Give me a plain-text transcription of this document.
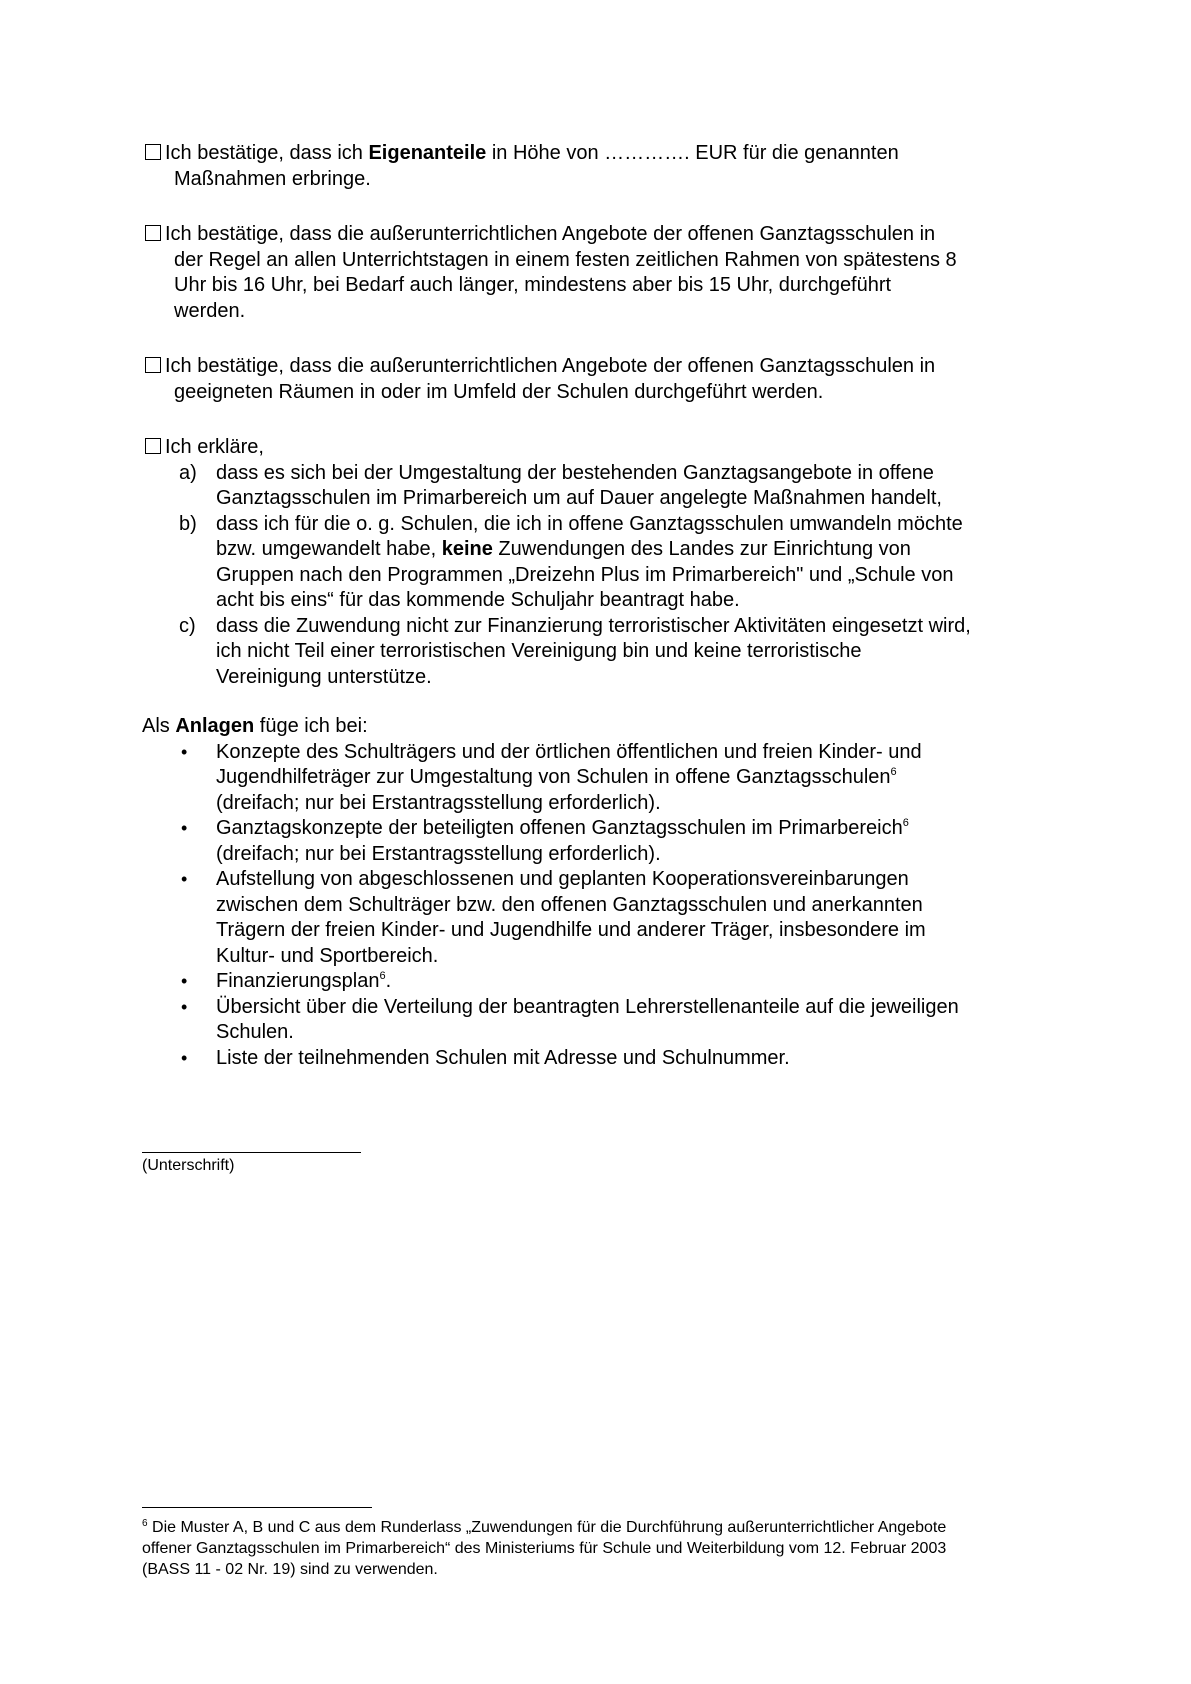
Ich bestätige, dass ich Eigenanteile in Höhe von …………. EUR für die genannten
Maßnahmen erbringe.
Ich bestätige, dass die außerunterrichtlichen Angebote der offenen Ganztagsschulen in
der Regel an allen Unterrichtstagen in einem festen zeitlichen Rahmen von spätestens 8
Uhr bis 16 Uhr, bei Bedarf auch länger, mindestens aber bis 15 Uhr, durchgeführt
werden.
Ich bestätige, dass die außerunterrichtlichen Angebote der offenen Ganztagsschulen in
geeigneten Räumen in oder im Umfeld der Schulen durchgeführt werden.
Ich erkläre,
a) dass es sich bei der Umgestaltung der bestehenden Ganztagsangebote in offene
Ganztagsschulen im Primarbereich um auf Dauer angelegte Maßnahmen handelt,
b) dass ich für die o. g. Schulen, die ich in offene Ganztagsschulen umwandeln möchte
bzw. umgewandelt habe, keine Zuwendungen des Landes zur Einrichtung von
Gruppen nach den Programmen „Dreizehn Plus im Primarbereich" und „Schule von
acht bis eins“ für das kommende Schuljahr beantragt habe.
c) dass die Zuwendung nicht zur Finanzierung terroristischer Aktivitäten eingesetzt wird,
ich nicht Teil einer terroristischen Vereinigung bin und keine terroristische
Vereinigung unterstütze.
Als Anlagen füge ich bei:
• Konzepte des Schulträgers und der örtlichen öffentlichen und freien Kinder- und
Jugendhilfeträger zur Umgestaltung von Schulen in offene Ganztagsschulen$^6$
(dreifach; nur bei Erstantragsstellung erforderlich).
• Ganztagskonzepte der beteiligten offenen Ganztagsschulen im Primarbereich$^6$
(dreifach; nur bei Erstantragsstellung erforderlich).
• Aufstellung von abgeschlossenen und geplanten Kooperationsvereinbarungen
zwischen dem Schulträger bzw. den offenen Ganztagsschulen und anerkannten
Trägern der freien Kinder- und Jugendhilfe und anderer Träger, insbesondere im
Kultur- und Sportbereich.
• Finanzierungsplan$^6$.
• Übersicht über die Verteilung der beantragten Lehrerstellenanteile auf die jeweiligen
Schulen.
• Liste der teilnehmenden Schulen mit Adresse und Schulnummer.
(Unterschrift)
$^6$ Die Muster A, B und C aus dem Runderlass „Zuwendungen für die Durchführung außerunterrichtlicher Angebote
offener Ganztagsschulen im Primarbereich“ des Ministeriums für Schule und Weiterbildung vom 12. Februar 2003
(BASS 11 - 02 Nr. 19) sind zu verwenden.
